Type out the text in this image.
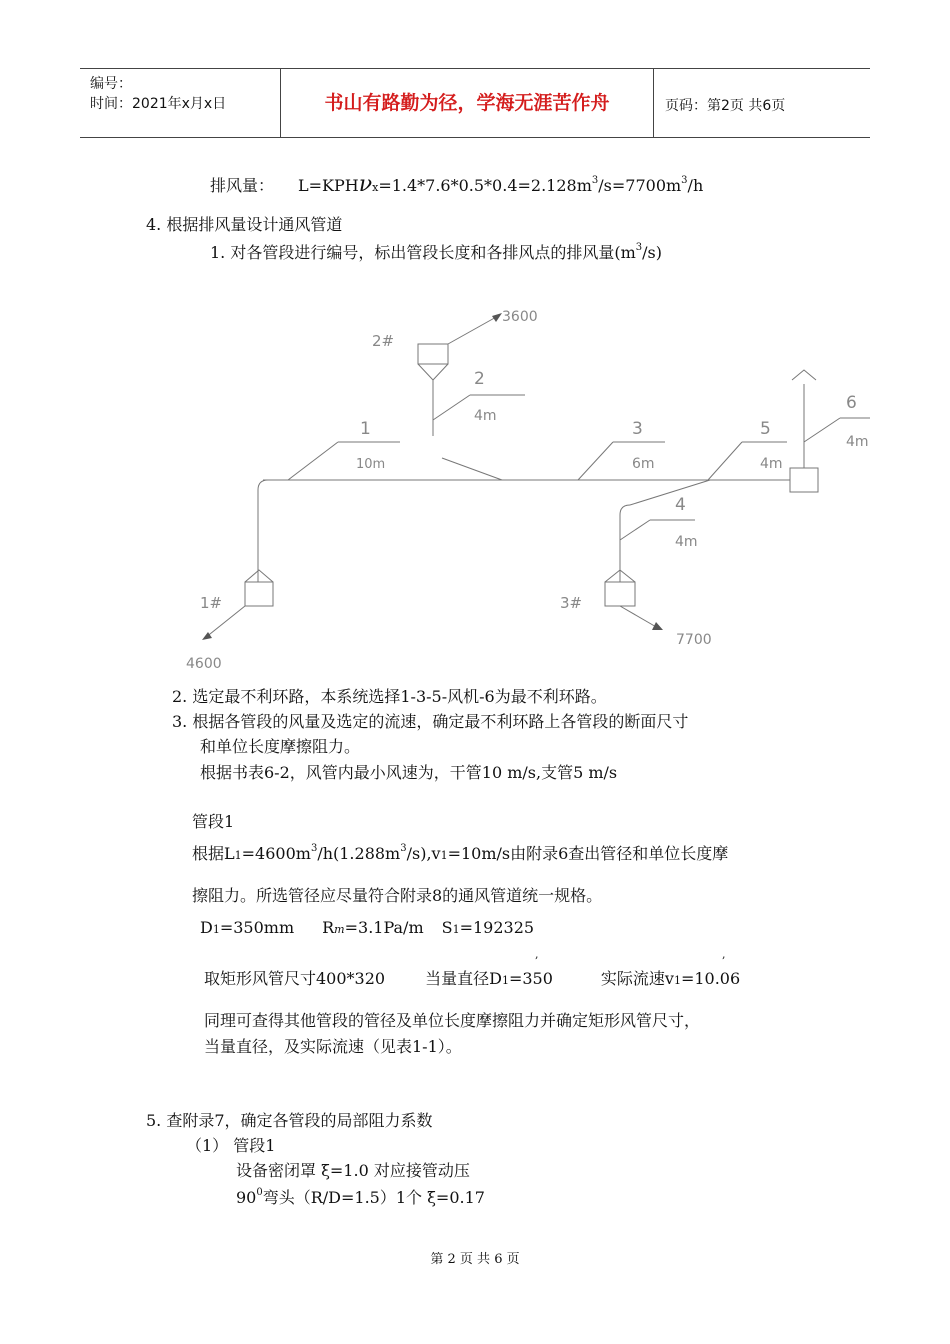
编号：
时间：2021年x月x日	书山有路勤为径，学海无涯苦作舟	页码：第2页 共6页
排风量： $L=KPH\nu x=1.4*7.6*0.5*0.4=2.128m^3/s=7700m^3/h$
4. 根据排风量设计通风管道
1. 对各管段进行编号，标出管段长度和各排风点的排风量$(m^3/s)$
2#
3600
2
4m
1
10m
3
6m
5
4m
6
4m
4
4m
1#
4600
3#
7700
2. 选定最不利环路，本系统选择1-3-5-风机-6为最不利环路。
3. 根据各管段的风量及选定的流速，确定最不利环路上各管段的断面尺寸
和单位长度摩擦阻力。
根据书表6-2，风管内最小风速为，干管10 m/s,支管5 m/s
管段1
根据$L1=4600m^3/h(1.288m^3/s),v1=10m/s$由附录6查出管径和单位长度摩
擦阻力。所选管径应尽量符合附录8的通风管道统一规格。
D1=350mm Rm=3.1Pa/m S1=192325
,	,
取矩形风管尺寸400*320	当量直径D1=350	实际流速v1=10.06
同理可查得其他管段的管径及单位长度摩擦阻力并确定矩形风管尺寸，
当量直径，及实际流速（见表1-1）。
5. 查附录7，确定各管段的局部阻力系数
（1） 管段1
设备密闭罩 ξ=1.0 对应接管动压
$90^0$弯头（R/D=1.5）1个 ξ=0.17
第 2 页 共 6 页
